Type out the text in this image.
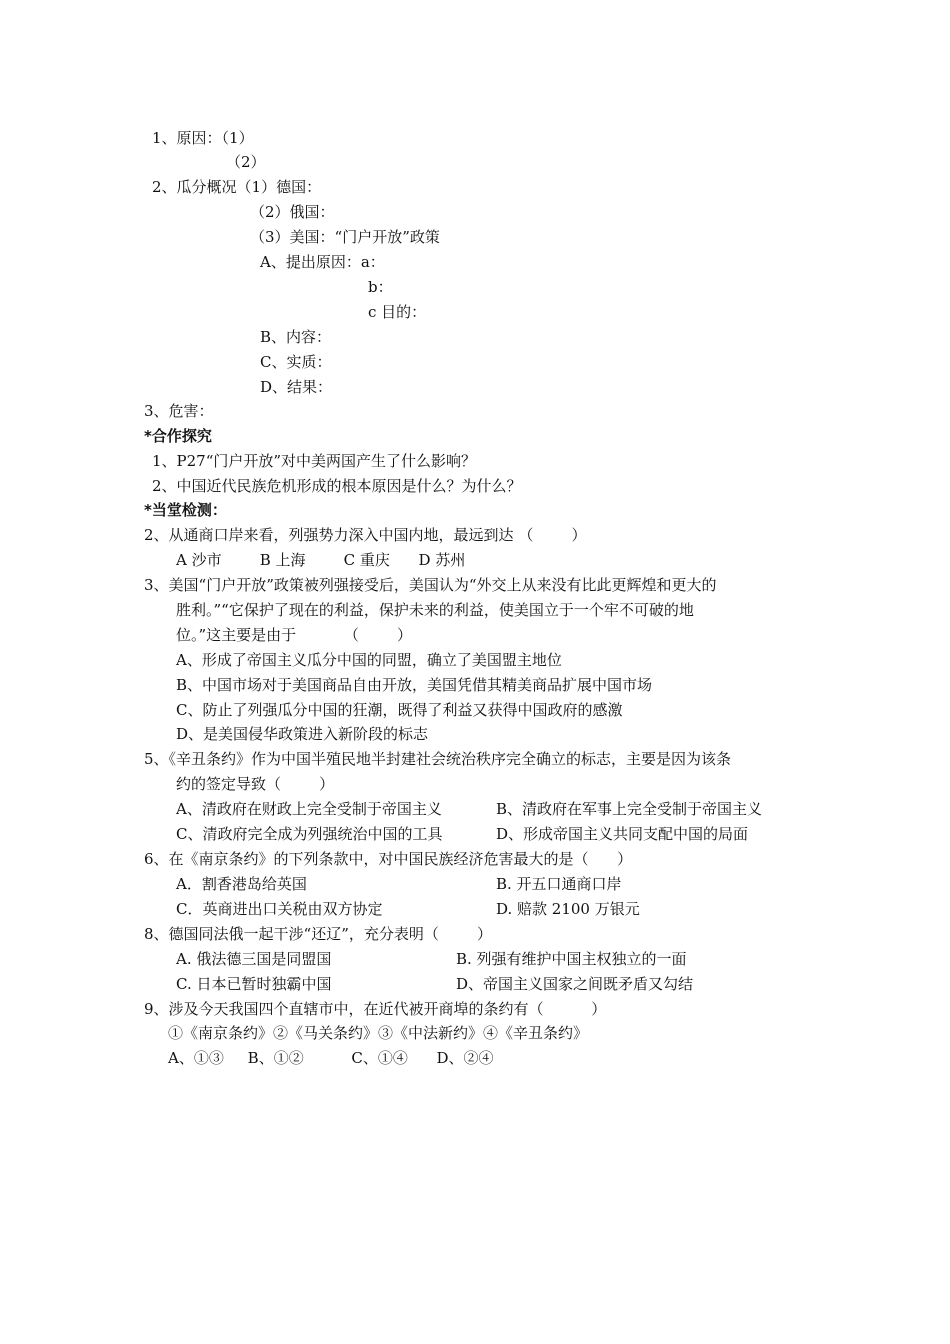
1、原因：（1）
（2）
2、瓜分概况（1）德国：
（2）俄国：
（3）美国：“门户开放”政策
A、提出原因：a：
b：
c 目的：
B、内容：
C、实质：
D、结果：
3、危害：
*合作探究
1、P27“门户开放”对中美两国产生了什么影响？
2、中国近代民族危机形成的根本原因是什么？为什么？
*当堂检测：
2、从通商口岸来看，列强势力深入中国内地，最远到达 （        ）
A 沙市        B 上海        C 重庆      D 苏州
3、美国“门户开放”政策被列强接受后，美国认为“外交上从来没有比此更辉煌和更大的
胜利。”“它保护了现在的利益，保护未来的利益，使美国立于一个牢不可破的地
位。”这主要是由于          （        ）
A、形成了帝国主义瓜分中国的同盟，确立了美国盟主地位
B、中国市场对于美国商品自由开放，美国凭借其精美商品扩展中国市场
C、防止了列强瓜分中国的狂潮，既得了利益又获得中国政府的感激
D、是美国侵华政策进入新阶段的标志
5、《辛丑条约》作为中国半殖民地半封建社会统治秩序完全确立的标志，主要是因为该条
约的签定导致（        ）
A、清政府在财政上完全受制于帝国主义	B、清政府在军事上完全受制于帝国主义
C、清政府完全成为列强统治中国的工具	D、形成帝国主义共同支配中国的局面
6、在《南京条约》的下列条款中，对中国民族经济危害最大的是（      ）
A．割香港岛给英国	B. 开五口通商口岸
C．英商进出口关税由双方协定	D. 赔款 2100 万银元
8、德国同法俄一起干涉“还辽”，充分表明（        ）
A. 俄法德三国是同盟国	B. 列强有维护中国主权独立的一面
C. 日本已暂时独霸中国	D、帝国主义国家之间既矛盾又勾结
9、涉及今天我国四个直辖市中，在近代被开商埠的条约有（          ）
①《南京条约》②《马关条约》③《中法新约》④《辛丑条约》
A、①③     B、①②          C、①④      D、②④
